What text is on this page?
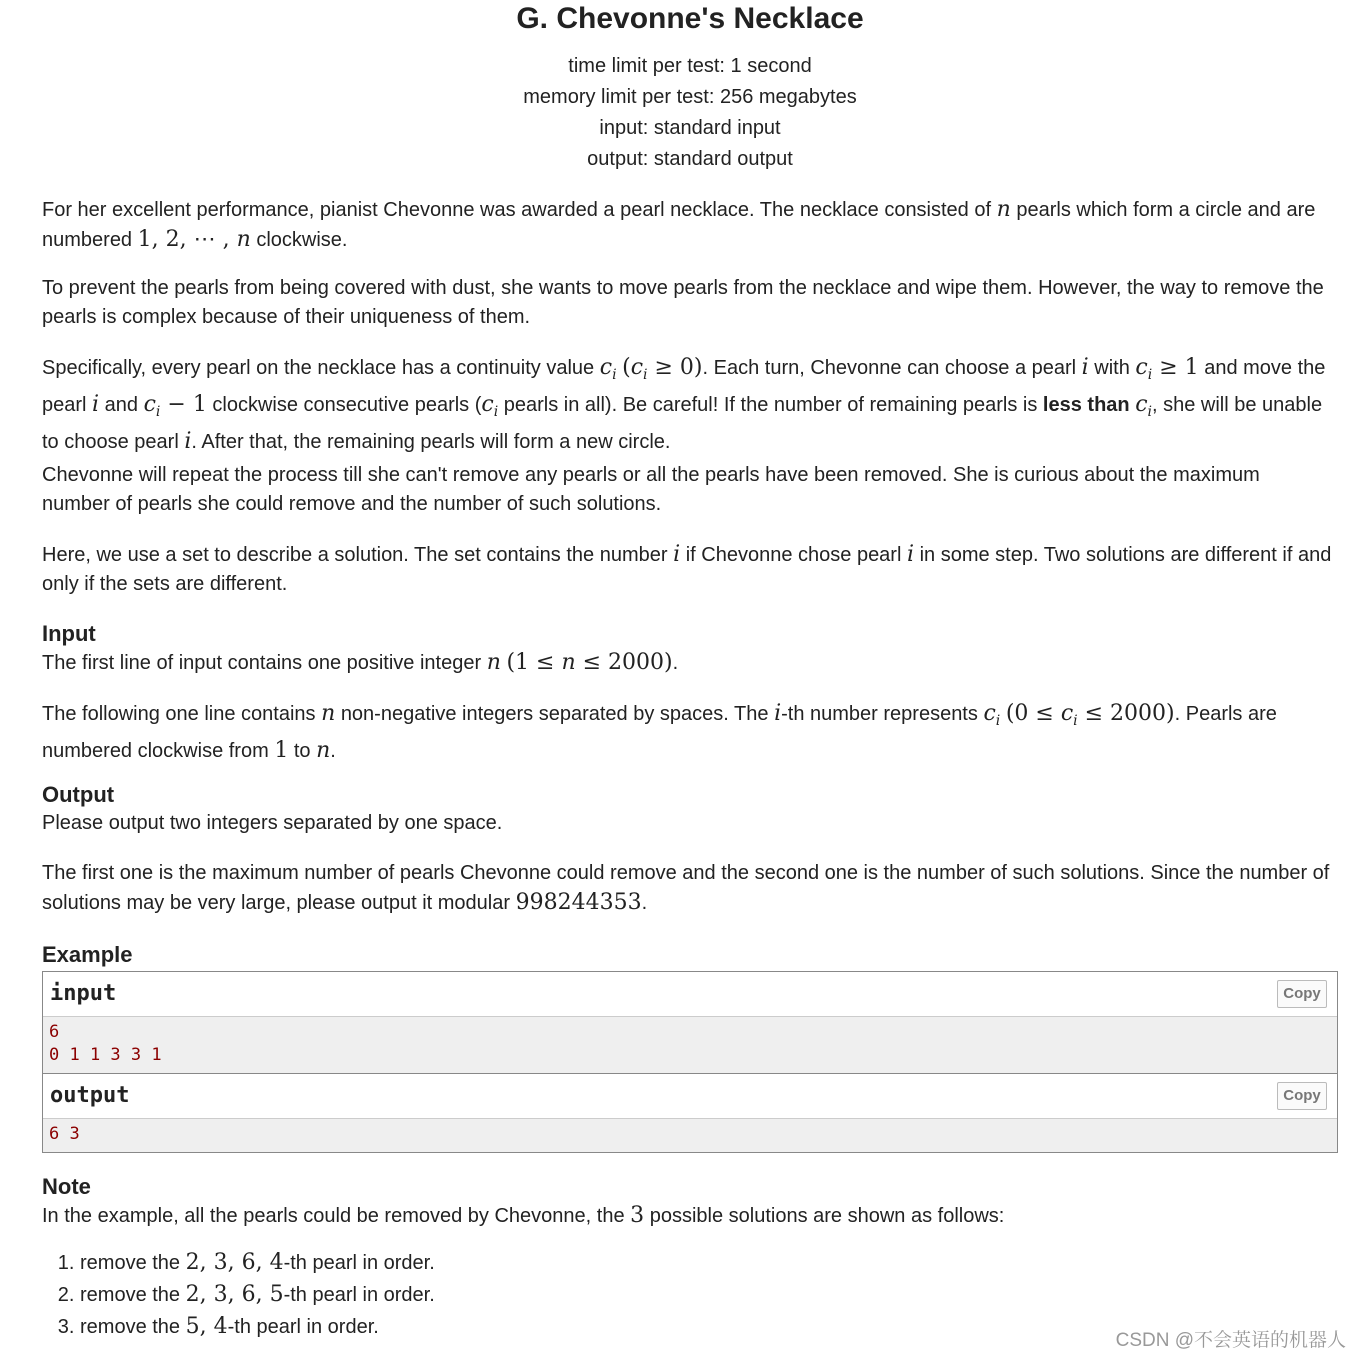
G. Chevonne's Necklace
time limit per test: 1 second
memory limit per test: 256 megabytes
input: standard input
output: standard output

For her excellent performance, pianist Chevonne was awarded a pearl necklace. The necklace consisted of n pearls which form a circle and are numbered 1, 2, ⋯ , n clockwise.

To prevent the pearls from being covered with dust, she wants to move pearls from the necklace and wipe them. However, the way to remove the pearls is complex because of their uniqueness of them.

Specifically, every pearl on the necklace has a continuity value $c_i$ $(c_i \ge 0)$. Each turn, Chevonne can choose a pearl i with $c_i \ge 1$ and move the pearl i and $c_i - 1$ clockwise consecutive pearls ($c_i$ pearls in all). Be careful! If the number of remaining pearls is less than $c_i$, she will be unable to choose pearl i. After that, the remaining pearls will form a new circle.

Chevonne will repeat the process till she can't remove any pearls or all the pearls have been removed. She is curious about the maximum number of pearls she could remove and the number of such solutions.

Here, we use a set to describe a solution. The set contains the number i if Chevonne chose pearl i in some step. Two solutions are different if and only if the sets are different.

Input

The first line of input contains one positive integer n (1 ≤ n ≤ 2000).

The following one line contains n non-negative integers separated by spaces. The i-th number represents $c_i$ $(0 \le c_i \le 2000)$. Pearls are numbered clockwise from 1 to n.

Output

Please output two integers separated by one space.

The first one is the maximum number of pearls Chevonne could remove and the second one is the number of such solutions. Since the number of solutions may be very large, please output it modular 998244353.

Example
input	Copy
6
0 1 1 3 3 1
output	Copy
6 3
Note

In the example, all the pearls could be removed by Chevonne, the 3 possible solutions are shown as follows:

1. remove the 2, 3, 6, 4-th pearl in order.
2. remove the 2, 3, 6, 5-th pearl in order.
3. remove the 5, 4-th pearl in order.
CSDN @不会英语的机器人
